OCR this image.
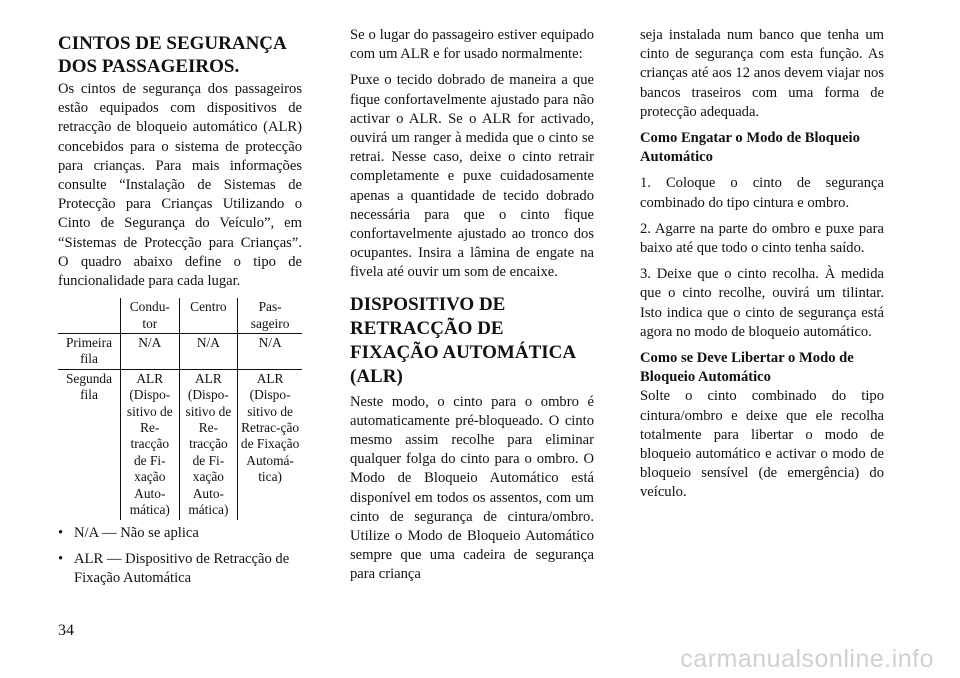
CINTOS DE SEGURANÇA
DOS PASSAGEIROS.

Os cintos de segurança dos passageiros estão equipados com dispositivos de retracção de bloqueio automático (ALR) concebidos para o sistema de protecção para crianças. Para mais informações consulte “Instalação de Sistemas de Protecção para Crianças Utilizando o Cinto de Segurança do Veículo”, em “Sistemas de Protecção para Crianças”. O quadro abaixo define o tipo de funcionalidade para cada lugar.

	Condu-tor	Centro	Pas-sageiro
Primeira fila	N/A	N/A	N/A
Segunda fila	ALR (Dispo-sitivo de Re-tracção de Fi-xação Auto-mática)	ALR (Dispo-sitivo de Re-tracção de Fi-xação Auto-mática)	ALR (Dispo-sitivo de Retrac-ção de Fixação Automá-tica)
• N/A — Não se aplica
• ALR — Dispositivo de Retracção de Fixação Automática

Se o lugar do passageiro estiver equipado com um ALR e for usado normalmente:

Puxe o tecido dobrado de maneira a que fique confortavelmente ajustado para não activar o ALR. Se o ALR for activado, ouvirá um ranger à medida que o cinto se retrai. Nesse caso, deixe o cinto retrair completamente e puxe cuidadosamente apenas a quantidade de tecido dobrado necessária para que o cinto fique confortavelmente ajustado ao tronco dos ocupantes. Insira a lâmina de engate na fivela até ouvir um som de encaixe.

DISPOSITIVO DE RETRACÇÃO DE FIXAÇÃO AUTOMÁTICA (ALR)

Neste modo, o cinto para o ombro é automaticamente pré-bloqueado. O cinto mesmo assim recolhe para eliminar qualquer folga do cinto para o ombro. O Modo de Bloqueio Automático está disponível em todos os assentos, com um cinto de segurança de cintura/ombro. Utilize o Modo de Bloqueio Automático sempre que uma cadeira de segurança para criança

seja instalada num banco que tenha um cinto de segurança com esta função. As crianças até aos 12 anos devem viajar nos bancos traseiros com uma forma de protecção adequada.

Como Engatar o Modo de Bloqueio Automático

1. Coloque o cinto de segurança combinado do tipo cintura e ombro.

2. Agarre na parte do ombro e puxe para baixo até que todo o cinto tenha saído.

3. Deixe que o cinto recolha. À medida que o cinto recolhe, ouvirá um tilintar. Isto indica que o cinto de segurança está agora no modo de bloqueio automático.

Como se Deve Libertar o Modo de Bloqueio Automático

Solte o cinto combinado do tipo cintura/ombro e deixe que ele recolha totalmente para libertar o modo de bloqueio automático e activar o modo de bloqueio sensível (de emergência) do veículo.

34
carmanualsonline.info
